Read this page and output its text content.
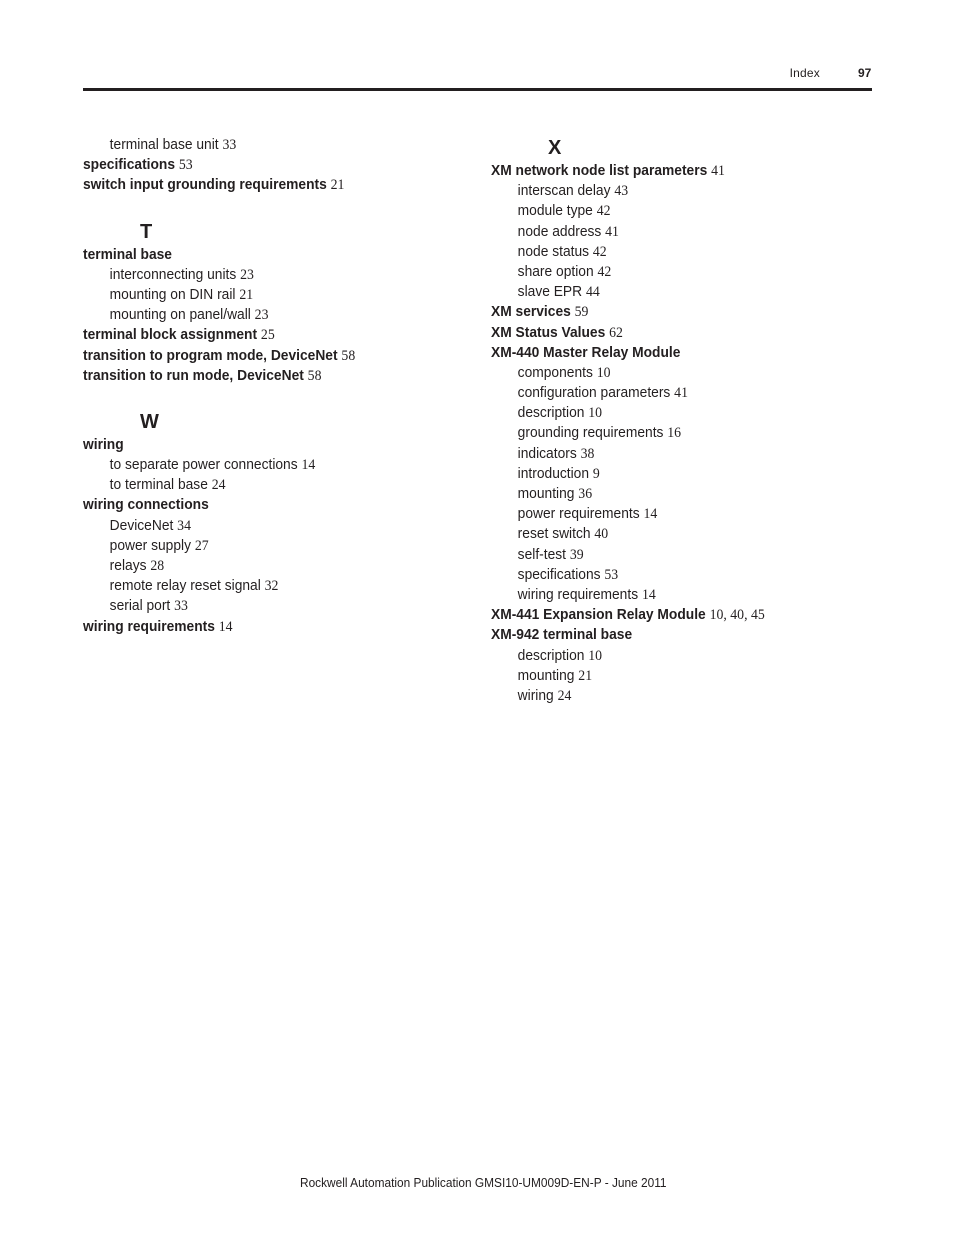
Index	97
terminal base unit 33
specifications 53
switch input grounding requirements 21
T
terminal base
interconnecting units 23
mounting on DIN rail 21
mounting on panel/wall 23
terminal block assignment 25
transition to program mode, DeviceNet 58
transition to run mode, DeviceNet 58
W
wiring
to separate power connections 14
to terminal base 24
wiring connections
DeviceNet 34
power supply 27
relays 28
remote relay reset signal 32
serial port 33
wiring requirements 14
X
XM network node list parameters 41
interscan delay 43
module type 42
node address 41
node status 42
share option 42
slave EPR 44
XM services 59
XM Status Values 62
XM-440 Master Relay Module
components 10
configuration parameters 41
description 10
grounding requirements 16
indicators 38
introduction 9
mounting 36
power requirements 14
reset switch 40
self-test 39
specifications 53
wiring requirements 14
XM-441 Expansion Relay Module 10, 40, 45
XM-942 terminal base
description 10
mounting 21
wiring 24
Rockwell Automation Publication GMSI10-UM009D-EN-P - June 2011
